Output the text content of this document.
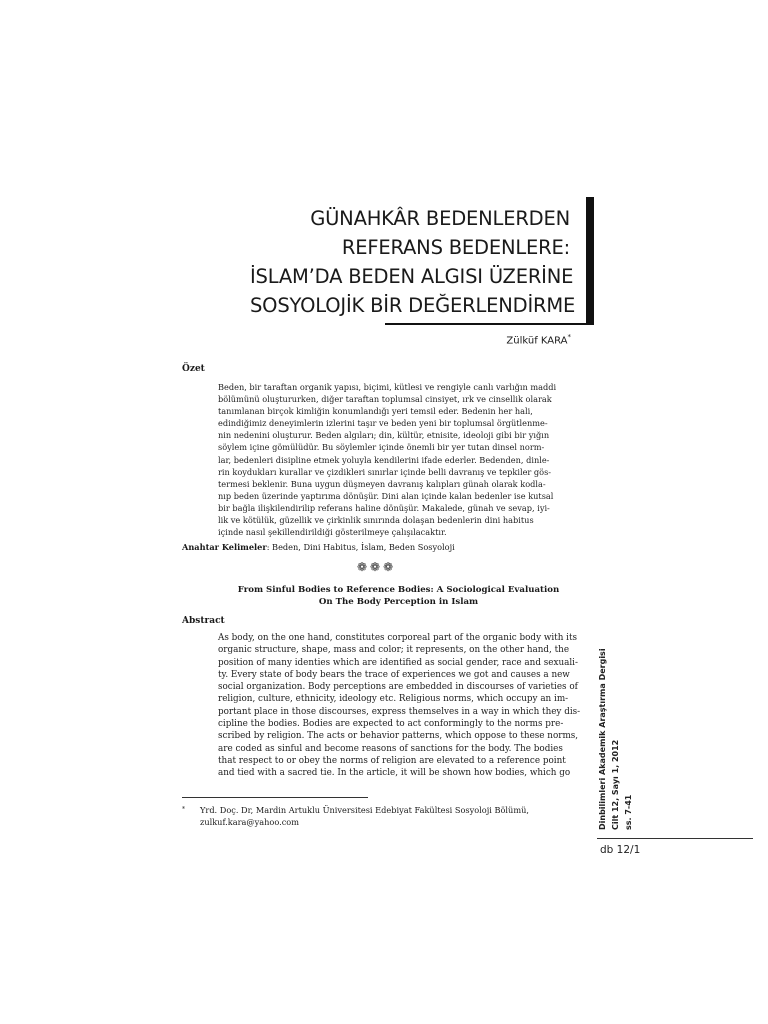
GÜNAHKÂR BEDENLERDEN
REFERANS BEDENLERE:
İSLAM’DA BEDEN ALGISI ÜZERİNE
SOSYOLOJİK BİR DEĞERLENDİRME
Zülküf KARA*
Özet
Beden, bir taraftan organik yapısı, biçimi, kütlesi ve rengiyle canlı varlığın maddi
bölümünü oluştururken, diğer taraftan toplumsal cinsiyet, ırk ve cinsellik olarak
tanımlanan birçok kimliğin konumlandığı yeri temsil eder. Bedenin her hali,
edindiğimiz deneyimlerin izlerini taşır ve beden yeni bir toplumsal örgütlenme-
nin nedenini oluşturur. Beden algıları; din, kültür, etnisite, ideoloji gibi bir yığın
söylem içine gömülüdür. Bu söylemler içinde önemli bir yer tutan dinsel norm-
lar, bedenleri disipline etmek yoluyla kendilerini ifade ederler. Bedenden, dinle-
rin koydukları kurallar ve çizdikleri sınırlar içinde belli davranış ve tepkiler gös-
termesi beklenir. Buna uygun düşmeyen davranış kalıpları günah olarak kodla-
nıp beden üzerinde yaptırıma dönüşür. Dini alan içinde kalan bedenler ise kutsal
bir bağla ilişkilendirilip referans haline dönüşür. Makalede, günah ve sevap, iyi-
lik ve kötülük, güzellik ve çirkinlik sınırında dolaşan bedenlerin dini habitus
içinde nasıl şekillendirildiği gösterilmeye çalışılacaktır.
Anahtar Kelimeler: Beden, Dini Habitus, İslam, Beden Sosyoloji
❁❁❁
From Sinful Bodies to Reference Bodies: A Sociological Evaluation
On The Body Perception in Islam
Abstract
As body, on the one hand, constitutes corporeal part of the organic body with its
organic structure, shape, mass and color; it represents, on the other hand, the
position of many identies which are identified as social gender, race and sexuali-
ty. Every state of body bears the trace of experiences we got and causes a new
social organization. Body perceptions are embedded in discourses of varieties of
religion, culture, ethnicity, ideology etc. Religious norms, which occupy an im-
portant place in those discourses, express themselves in a way in which they dis-
cipline the bodies. Bodies are expected to act conformingly to the norms pre-
scribed by religion. The acts or behavior patterns, which oppose to these norms,
are coded as sinful and become reasons of sanctions for the body. The bodies
that respect to or obey the norms of religion are elevated to a reference point
and tied with a sacred tie. In the article, it will be shown how bodies, which go
* Yrd. Doç. Dr, Mardin Artuklu Üniversitesi Edebiyat Fakültesi Sosyoloji Bölümü,
zulkuf.kara@yahoo.com	Dinbilimleri Akademik Araştırma Dergisi Cilt 12, Sayı 1, 2012 ss. 7-41
db 12/1
